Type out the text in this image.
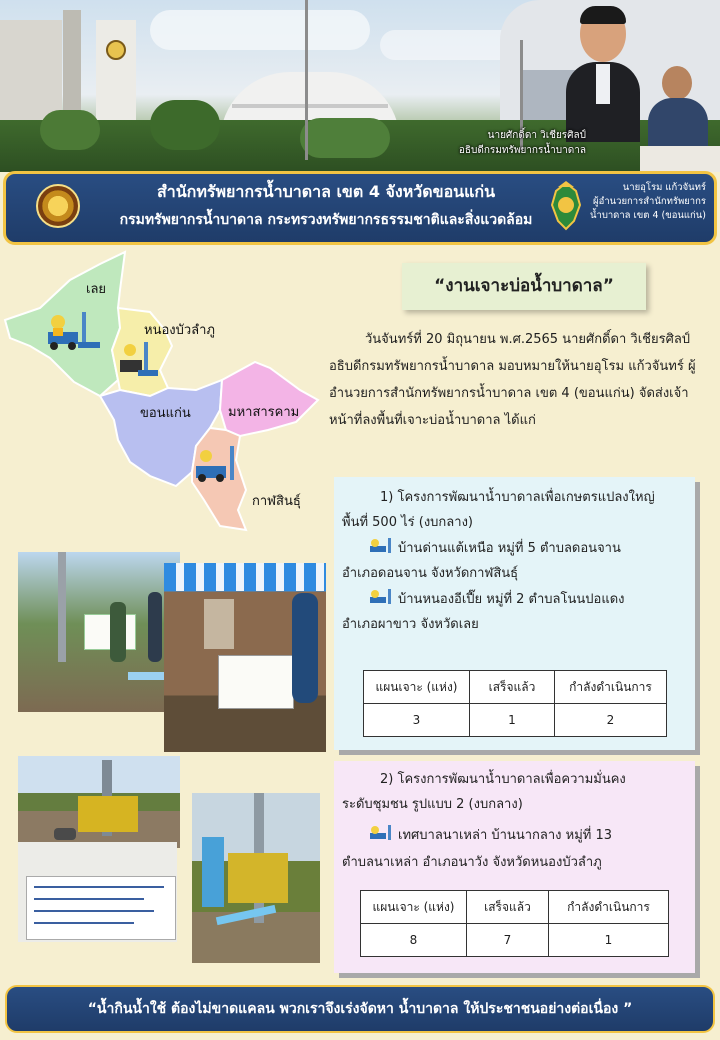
นายศักดิ์ดา วิเชียรศิลป์
อธิบดีกรมทรัพยากรน้ำบาดาล
สำนักทรัพยากรน้ำบาดาล เขต 4 จังหวัดขอนแก่น
กรมทรัพยากรน้ำบาดาล กระทรวงทรัพยากรธรรมชาติและสิ่งแวดล้อม
นายอุโรม แก้วจันทร์
ผู้อำนวยการสำนักทรัพยากร
น้ำบาดาล เขต 4 (ขอนแก่น)
เลย
หนองบัวลำภู
ขอนแก่น	มหาสารคาม
กาฬสินธุ์
“งานเจาะบ่อน้ำบาดาล”
วันจันทร์ที่ 20 มิถุนายน พ.ศ.2565 นายศักดิ์ดา วิเชียรศิลป์ อธิบดีกรมทรัพยากรน้ำบาดาล มอบหมายให้นายอุโรม แก้วจันทร์ ผู้อำนวยการสำนักทรัพยากรน้ำบาดาล เขต 4 (ขอนแก่น) จัดส่งเจ้าหน้าที่ลงพื้นที่เจาะบ่อน้ำบาดาล ได้แก่

1) โครงการพัฒนาน้ำบาดาลเพื่อเกษตรแปลงใหญ่

พื้นที่ 500 ไร่ (งบกลาง)

บ้านด่านแต้เหนือ หมู่ที่ 5 ตำบลดอนจาน

อำเภอดอนจาน จังหวัดกาฬสินธุ์

บ้านหนองอีเปี๊ย หมู่ที่ 2 ตำบลโนนปอแดง

อำเภอผาขาว จังหวัดเลย

แผนเจาะ (แห่ง)	เสร็จแล้ว	กำลังดำเนินการ
3	1	2

2) โครงการพัฒนาน้ำบาดาลเพื่อความมั่นคง

ระดับชุมชน รูปแบบ 2 (งบกลาง)

เทศบาลนาเหล่า บ้านนากลาง หมู่ที่ 13

ตำบลนาเหล่า อำเภอนาวัง จังหวัดหนองบัวลำภู

แผนเจาะ (แห่ง)	เสร็จแล้ว	กำลังดำเนินการ
8	7	1
“น้ำกินน้ำใช้ ต้องไม่ขาดแคลน พวกเราจึงเร่งจัดหา น้ำบาดาล ให้ประชาชนอย่างต่อเนื่อง ”
